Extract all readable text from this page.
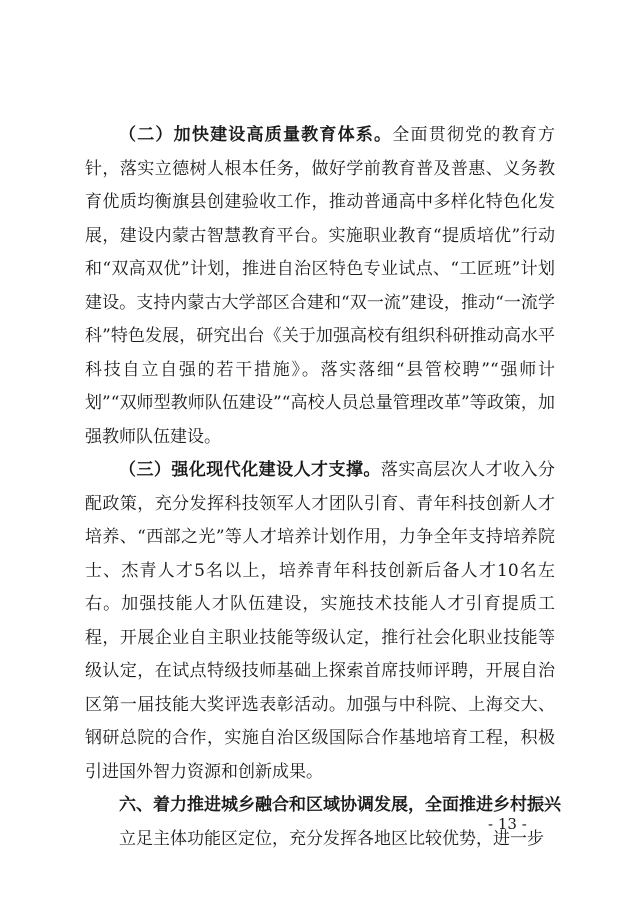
（二）加快建设高质量教育体系。全面贯彻党的教育方针，落实立德树人根本任务，做好学前教育普及普惠、义务教育优质均衡旗县创建验收工作，推动普通高中多样化特色化发展，建设内蒙古智慧教育平台。实施职业教育“提质培优”行动和“双高双优”计划，推进自治区特色专业试点、“工匠班”计划建设。支持内蒙古大学部区合建和“双一流”建设，推动“一流学科”特色发展，研究出台《关于加强高校有组织科研推动高水平科技自立自强的若干措施》。落实落细“县管校聘”“强师计划”“双师型教师队伍建设”“高校人员总量管理改革”等政策，加强教师队伍建设。

（三）强化现代化建设人才支撑。落实高层次人才收入分配政策，充分发挥科技领军人才团队引育、青年科技创新人才培养、“西部之光”等人才培养计划作用，力争全年支持培养院士、杰青人才5名以上，培养青年科技创新后备人才10名左右。加强技能人才队伍建设，实施技术技能人才引育提质工程，开展企业自主职业技能等级认定，推行社会化职业技能等级认定，在试点特级技师基础上探索首席技师评聘，开展自治区第一届技能大奖评选表彰活动。加强与中科院、上海交大、钢研总院的合作，实施自治区级国际合作基地培育工程，积极引进国外智力资源和创新成果。

六、着力推进城乡融合和区域协调发展，全面推进乡村振兴

立足主体功能区定位，充分发挥各地区比较优势，进一步

- 13 -
